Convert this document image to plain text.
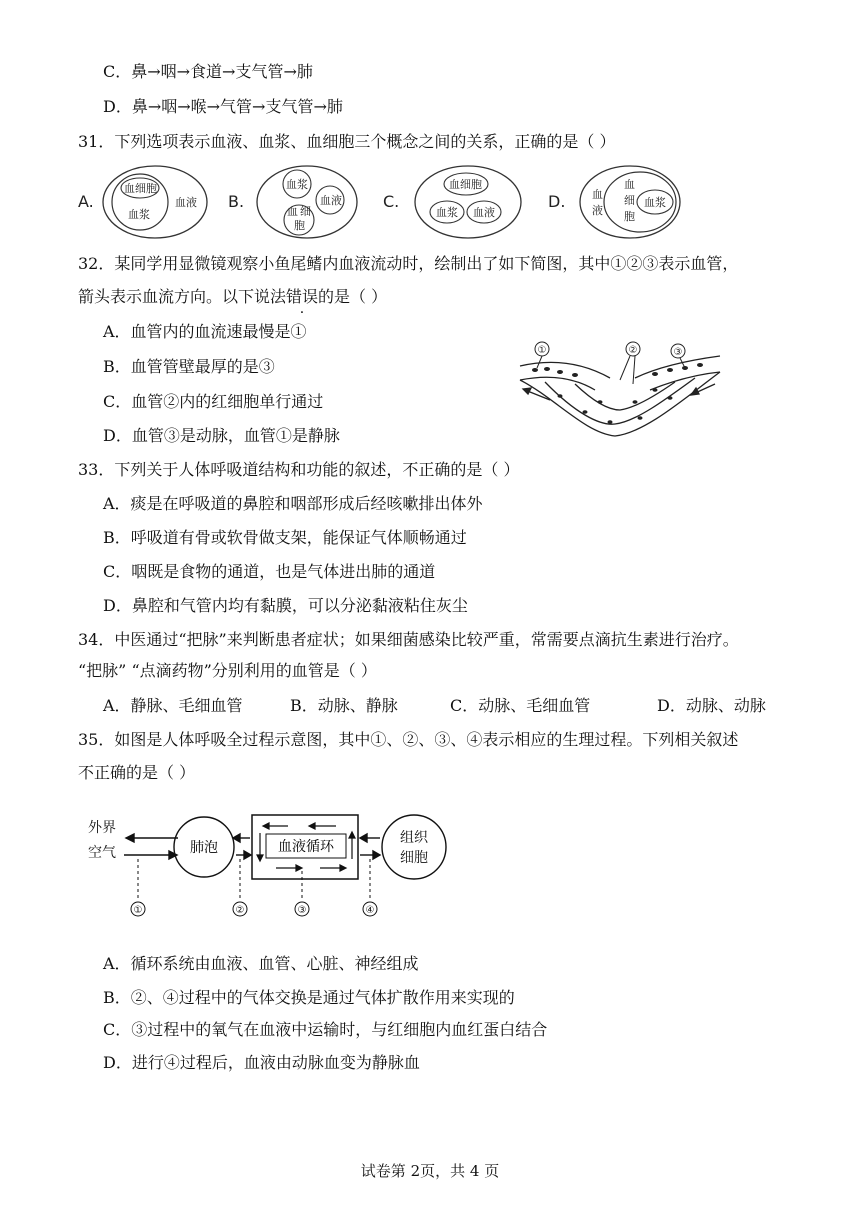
C．鼻→咽→食道→支气管→肺
D．鼻→咽→喉→气管→支气管→肺
31．下列选项表示血液、血浆、血细胞三个概念之间的关系，正确的是（ ）
A.
血细胞
血浆
血液 B.
血浆
血液
血 细
胞
C.
血细胞
血浆 血液
D.	血浆
血
液
血
细
胞
32．某同学用显微镜观察小鱼尾鳍内血液流动时，绘制出了如下简图，其中①②③表示血管，
箭头表示血流方向。以下说法错误的是（ ）
A．血管内的血流速最慢是①
B．血管管壁最厚的是③
C．血管②内的红细胞单行通过
D．血管③是动脉，血管①是静脉
①	②	③
33．下列关于人体呼吸道结构和功能的叙述，不正确的是（ ）
A．痰是在呼吸道的鼻腔和咽部形成后经咳嗽排出体外
B．呼吸道有骨或软骨做支架，能保证气体顺畅通过
C．咽既是食物的通道，也是气体进出肺的通道
D．鼻腔和气管内均有黏膜，可以分泌黏液粘住灰尘
34．中医通过“把脉”来判断患者症状；如果细菌感染比较严重，常需要点滴抗生素进行治疗。
“把脉” “点滴药物”分别利用的血管是（ ）
A．静脉、毛细血管	B．动脉、静脉	C．动脉、毛细血管	D．动脉、动脉
35．如图是人体呼吸全过程示意图，其中①、②、③、④表示相应的生理过程。下列相关叙述
不正确的是（ ）
外界
空气	肺泡	血液循环
组织
细胞
①	②	③	④
A．循环系统由血液、血管、心脏、神经组成
B．②、④过程中的气体交换是通过气体扩散作用来实现的
C．③过程中的氧气在血液中运输时，与红细胞内血红蛋白结合
D．进行④过程后，血液由动脉血变为静脉血
试卷第 2页，共 4 页
